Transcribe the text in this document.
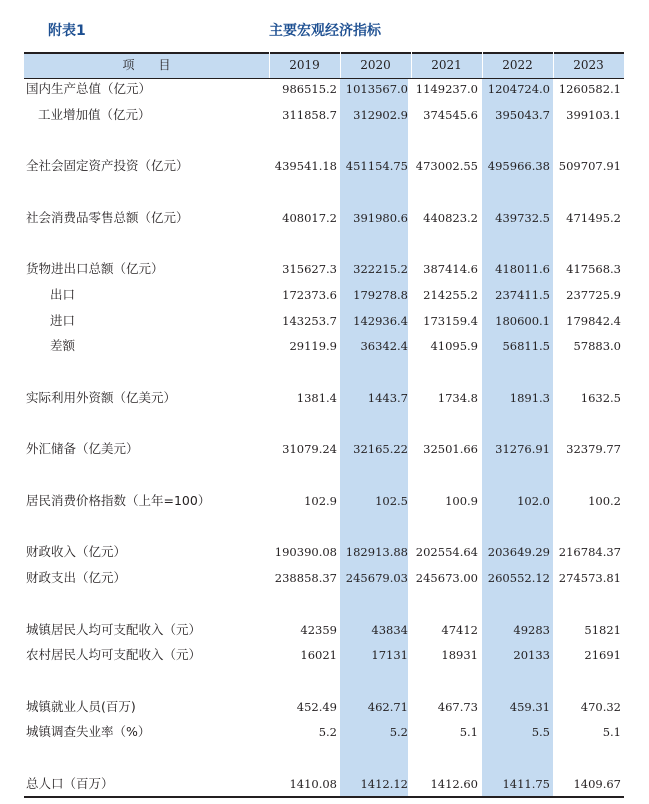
附表1	主要宏观经济指标
项　　目	2019	2020	2021	2022	2023
国内生产总值（亿元）	986515.2 1013567.0 1149237.0 1204724.0 1260582.1
工业增加值（亿元）	311858.7	312902.9	374545.6	395043.7	399103.1
全社会固定资产投资（亿元）	439541.18 451154.75 473002.55 495966.38 509707.91
社会消费品零售总额（亿元）	408017.2	391980.6	440823.2	439732.5	471495.2
货物进出口总额（亿元）	315627.3	322215.2	387414.6	418011.6	417568.3
出口	172373.6	179278.8	214255.2	237411.5	237725.9
进口	143253.7	142936.4	173159.4	180600.1	179842.4
差额	29119.9	36342.4	41095.9	56811.5	57883.0
实际利用外资额（亿美元）	1381.4	1443.7	1734.8	1891.3	1632.5
外汇储备（亿美元）	31079.24	32165.22	32501.66	31276.91	32379.77
居民消费价格指数（上年=100）	102.9	102.5	100.9	102.0	100.2
财政收入（亿元）	190390.08 182913.88 202554.64 203649.29 216784.37
财政支出（亿元）	238858.37 245679.03 245673.00 260552.12 274573.81
城镇居民人均可支配收入（元）	42359	43834	47412	49283	51821
农村居民人均可支配收入（元）	16021	17131	18931	20133	21691
城镇就业人员(百万)	452.49	462.71	467.73	459.31	470.32
城镇调查失业率（%）	5.2	5.2	5.1	5.5	5.1
总人口（百万）	1410.08	1412.12	1412.60	1411.75	1409.67
